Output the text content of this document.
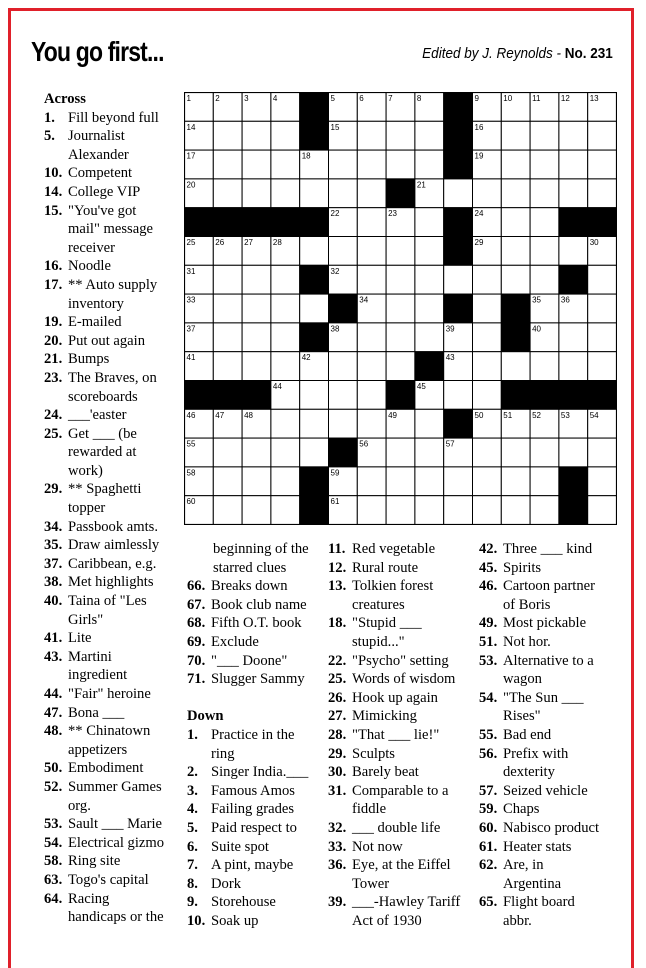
You go first...	Edited by J. Reynolds - No. 231
1	2	3	4	5	6	7	8	9	10 11	12 13
14	15	16
17	18	19
20	21
22	23	24
25 26 27 28	29	30
31	32
33	34	35 36
37	38	39	40
41	42	43
44	45
46 47 48	49	50 51 52 53 54
55	56	57
58	59
60	61
Across
1. Fill beyond full
5. Journalist
Alexander
10. Competent
14. College VIP
15. "You've got
mail" message
receiver
16. Noodle
17. ** Auto supply
inventory
19. E-mailed
20. Put out again
21. Bumps
23. The Braves, on
scoreboards
24. ___'easter
25. Get ___ (be
rewarded at
work)
29. ** Spaghetti
topper
34. Passbook amts.
35. Draw aimlessly
37. Caribbean, e.g.
38. Met highlights
40. Taina of "Les
Girls"
41. Lite
43. Martini
ingredient
44. "Fair" heroine
47. Bona ___
48. ** Chinatown
appetizers
50. Embodiment
52. Summer Games
org.
53. Sault ___ Marie
54. Electrical gizmo
58. Ring site
63. Togo's capital
64. Racing
handicaps or the
beginning of the
starred clues
66. Breaks down
67. Book club name
68. Fifth O.T. book
69. Exclude
70. "___ Doone"
71. Slugger Sammy

Down
1. Practice in the
ring
2. Singer India.___
3. Famous Amos
4. Failing grades
5. Paid respect to
6. Suite spot
7. A pint, maybe
8. Dork
9. Storehouse
10. Soak up
11. Red vegetable
12. Rural route
13. Tolkien forest
creatures
18. "Stupid ___
stupid..."
22. "Psycho" setting
25. Words of wisdom
26. Hook up again
27. Mimicking
28. "That ___ lie!"
29. Sculpts
30. Barely beat
31. Comparable to a
fiddle
32. ___ double life
33. Not now
36. Eye, at the Eiffel
Tower
39. ___-Hawley Tariff
Act of 1930
42. Three ___ kind
45. Spirits
46. Cartoon partner
of Boris
49. Most pickable
51. Not hor.
53. Alternative to a
wagon
54. "The Sun ___
Rises"
55. Bad end
56. Prefix with
dexterity
57. Seized vehicle
59. Chaps
60. Nabisco product
61. Heater stats
62. Are, in
Argentina
65. Flight board
abbr.
